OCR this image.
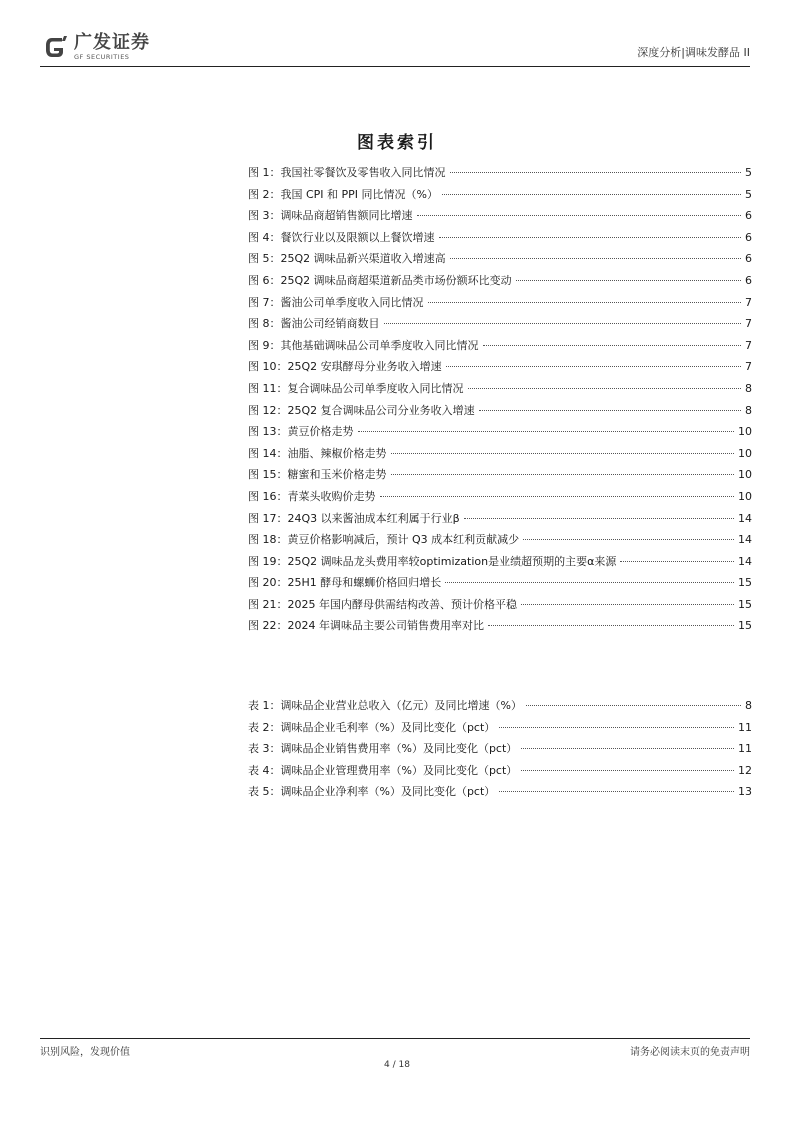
广发证券
GF SECURITIES	深度分析|调味发酵品 II
图表索引
图 1：我国社零餐饮及零售收入同比情况	5
图 2：我国 CPI 和 PPI 同比情况（%）	5
图 3：调味品商超销售额同比增速	6
图 4：餐饮行业以及限额以上餐饮增速	6
图 5：25Q2 调味品新兴渠道收入增速高	6
图 6：25Q2 调味品商超渠道新品类市场份额环比变动	6
图 7：酱油公司单季度收入同比情况	7
图 8：酱油公司经销商数目	7
图 9：其他基础调味品公司单季度收入同比情况	7
图 10：25Q2 安琪酵母分业务收入增速	7
图 11：复合调味品公司单季度收入同比情况	8
图 12：25Q2 复合调味品公司分业务收入增速	8
图 13：黄豆价格走势	10
图 14：油脂、辣椒价格走势	10
图 15：糖蜜和玉米价格走势	10
图 16：青菜头收购价走势	10
图 17：24Q3 以来酱油成本红利属于行业β	14
图 18：黄豆价格影响减后，预计 Q3 成本红利贡献减少	14
图 19：25Q2 调味品龙头费用率较optimization是业绩超预期的主要α来源	14
图 20：25H1 酵母和螺蛳价格回归增长	15
图 21：2025 年国内酵母供需结构改善、预计价格平稳	15
图 22：2024 年调味品主要公司销售费用率对比	15
表 1：调味品企业营业总收入（亿元）及同比增速（%）	8
表 2：调味品企业毛利率（%）及同比变化（pct）	11
表 3：调味品企业销售费用率（%）及同比变化（pct）	11
表 4：调味品企业管理费用率（%）及同比变化（pct）	12
表 5：调味品企业净利率（%）及同比变化（pct）	13
识别风险，发现价值	请务必阅读末页的免责声明
4 / 18
